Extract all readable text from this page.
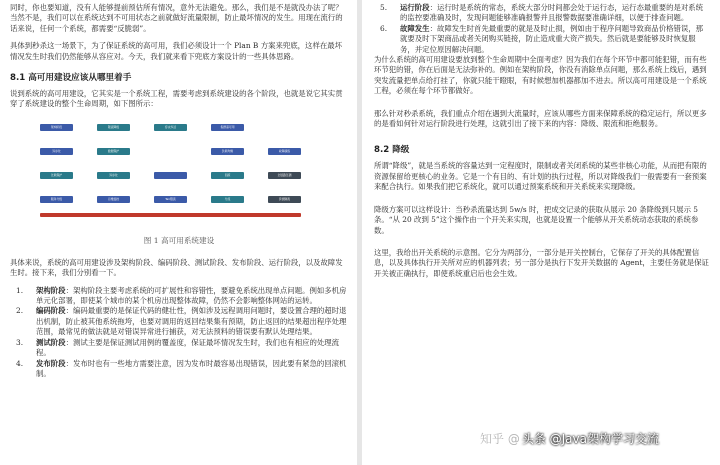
同时，你也要知道，没有人能够提前预估所有情况，意外无法避免。那么，我们是不是就没办法了呢？当然不是，我们可以在系统达到不可用状态之前就做好流量限制，防止最坏情况的发生。用现在流行的话来说，任何一个系统，都需要“反脆弱”。

具体到秒杀这一场景下，为了保证系统的高可用，我们必须设计一个 Plan B 方案来兜底，这样在最坏情况发生时我们仍然能够从容应对。今天，我们就来看下兜底方案设计的一些具体思路。

8.1 高可用建设应该从哪里着手

说到系统的高可用建设，它其实是一个系统工程，需要考虑到系统建设的各个阶段，也就是说它其实贯穿了系统建设的整个生命周期，如下图所示：

架构阶段	限流降级	容灾多活	集群高可用
异步化	数据保护	负载均衡	故障演练
过载保护	异步化	回滚	全链路压测
服务分级	运维监控	Tair限流	分流	资源隔离
图 1 高可用系统建设

具体来说，系统的高可用建设涉及架构阶段、编码阶段、测试阶段、发布阶段、运行阶段，以及故障发生时。接下来，我们分别看一下。

1. 架构阶段：架构阶段主要考虑系统的可扩展性和容错性，要避免系统出现单点问题。例如多机房单元化部署，即使某个城市的某个机房出现整体故障，仍然不会影响整体网站的运转。
2. 编码阶段：编码最重要的是保证代码的健壮性，例如涉及远程调用问题时，要设置合理的超时退出机制，防止被其他系统拖垮，也要对调用的返回结果集有预期，防止返回的结果超出程序处理范围，最常见的做法就是对错误异常进行捕获，对无法预料的错误要有默认处理结果。
3. 测试阶段：测试主要是保证测试用例的覆盖度，保证最坏情况发生时，我们也有相应的处理流程。
4. 发布阶段：发布时也有一些地方需要注意，因为发布时最容易出现错误，因此要有紧急的回滚机制。
5. 运行阶段：运行时是系统的常态，系统大部分时间都会处于运行态，运行态最重要的是对系统的监控要准确及时，发现问题能够准确报警并且报警数据要准确详细，以便于排查问题。
6. 故障发生：故障发生时首先最重要的就是及时止损，例如由于程序问题导致商品价格错误，那就要及时下架商品或者关闭购买链接，防止造成重大资产损失。然后就是要能够及时恢复服务，并定位原因解决问题。

为什么系统的高可用建设要放到整个生命周期中全面考虑？因为我们在每个环节中都可能犯错，而有些环节犯的错，你在后面是无法弥补的。例如在架构阶段，你没有消除单点问题，那么系统上线后，遇到突发流量把单点给打挂了，你就只能干瞪眼，有时候想加机器都加不进去。所以高可用建设是一个系统工程，必须在每个环节都做好。

那么针对秒杀系统，我们重点介绍在遇到大流量时，应该从哪些方面来保障系统的稳定运行，所以更多的是看如何针对运行阶段进行处理，这就引出了接下来的内容：降级、限流和拒绝服务。

8.2 降级

所谓“降级”，就是当系统的容量达到一定程度时，限制或者关闭系统的某些非核心功能，从而把有限的资源保留给更核心的业务。它是一个有目的、有计划的执行过程，所以对降级我们一般需要有一套预案来配合执行。如果我们把它系统化，就可以通过预案系统和开关系统来实现降级。

降级方案可以这样设计：当秒杀流量达到 5w/s 时，把成交记录的获取从展示 20 条降级到只展示 5 条。“从 20 改到 5”这个操作由一个开关来实现，也就是设置一个能够从开关系统动态获取的系统参数。

这里，我给出开关系统的示意图。它分为两部分，一部分是开关控制台，它保存了开关的具体配置信息，以及具体执行开关所对应的机器列表；另一部分是执行下发开关数据的 Agent，主要任务就是保证开关被正确执行，即使系统重启后也会生效。

知乎 @ 头条 @Java架构学习交流
